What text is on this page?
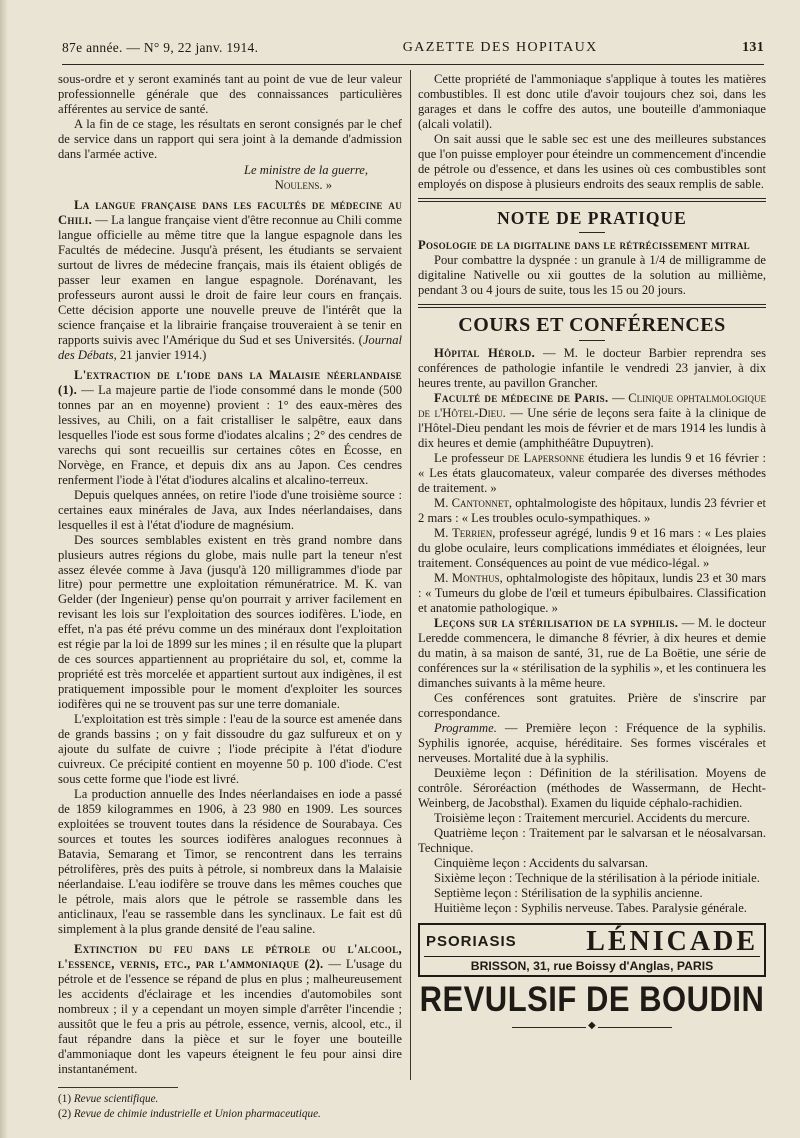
87e année. — N° 9, 22 janv. 1914.	GAZETTE DES HOPITAUX	131

sous-ordre et y seront examinés tant au point de vue de leur valeur professionnelle générale que des connaissances particulières afférentes au service de santé.

A la fin de ce stage, les résultats en seront consignés par le chef de service dans un rapport qui sera joint à la demande d'admission dans l'armée active.

Le ministre de la guerre,
Noulens. »

La langue française dans les facultés de médecine au Chili. — La langue française vient d'être reconnue au Chili comme langue officielle au même titre que la langue espagnole dans les Facultés de médecine. Jusqu'à présent, les étudiants se servaient surtout de livres de médecine français, mais ils étaient obligés de passer leur examen en langue espagnole. Dorénavant, les professeurs auront aussi le droit de faire leur cours en français. Cette décision apporte une nouvelle preuve de l'intérêt que la science française et la librairie française trouveraient à se tenir en rapports suivis avec l'Amérique du Sud et ses Universités. (Journal des Débats, 21 janvier 1914.)

L'extraction de l'iode dans la Malaisie néerlandaise (1). — La majeure partie de l'iode consommé dans le monde (500 tonnes par an en moyenne) provient : 1° des eaux-mères des lessives, au Chili, on a fait cristalliser le salpêtre, eaux dans lesquelles l'iode est sous forme d'iodates alcalins ; 2° des cendres de varechs qui sont recueillis sur certaines côtes en Écosse, en Norvège, en France, et depuis dix ans au Japon. Ces cendres renferment l'iode à l'état d'iodures alcalins et alcalino-terreux.

Depuis quelques années, on retire l'iode d'une troisième source : certaines eaux minérales de Java, aux Indes néerlandaises, dans lesquelles il est à l'état d'iodure de magnésium.

Des sources semblables existent en très grand nombre dans plusieurs autres régions du globe, mais nulle part la teneur n'est assez élevée comme à Java (jusqu'à 120 milligrammes d'iode par litre) pour permettre une exploitation rémunératrice. M. K. van Gelder (der Ingenieur) pense qu'on pourrait y arriver facilement en revisant les lois sur l'exploitation des sources iodifères. L'iode, en effet, n'a pas été prévu comme un des minéraux dont l'exploitation est régie par la loi de 1899 sur les mines ; il en résulte que la plupart de ces sources appartiennent au propriétaire du sol, et, comme la propriété est très morcelée et appartient surtout aux indigènes, il est pratiquement impossible pour le moment d'exploiter les sources iodifères qui ne se trouvent pas sur une terre domaniale.

L'exploitation est très simple : l'eau de la source est amenée dans de grands bassins ; on y fait dissoudre du gaz sulfureux et on y ajoute du sulfate de cuivre ; l'iode précipite à l'état d'iodure cuivreux. Ce précipité contient en moyenne 50 p. 100 d'iode. C'est sous cette forme que l'iode est livré.

La production annuelle des Indes néerlandaises en iode a passé de 1859 kilogrammes en 1906, à 23 980 en 1909. Les sources exploitées se trouvent toutes dans la résidence de Sourabaya. Ces sources et toutes les sources iodifères analogues reconnues à Batavia, Semarang et Timor, se rencontrent dans les terrains pétrolifères, près des puits à pétrole, si nombreux dans la Malaisie néerlandaise. L'eau iodifère se trouve dans les mêmes couches que le pétrole, mais alors que le pétrole se rassemble dans les anticlinaux, l'eau se rassemble dans les synclinaux. Le fait est dû simplement à la plus grande densité de l'eau saline.

Extinction du feu dans le pétrole ou l'alcool, l'essence, vernis, etc., par l'ammoniaque (2). — L'usage du pétrole et de l'essence se répand de plus en plus ; malheureusement les accidents d'éclairage et les incendies d'automobiles sont nombreux ; il y a cependant un moyen simple d'arrêter l'incendie ; aussitôt que le feu a pris au pétrole, essence, vernis, alcool, etc., il faut répandre dans la pièce et sur le foyer une bouteille d'ammoniaque dont les vapeurs éteignent le feu pour ainsi dire instantanément.

(1) Revue scientifique.
(2) Revue de chimie industrielle et Union pharmaceutique.

Cette propriété de l'ammoniaque s'applique à toutes les matières combustibles. Il est donc utile d'avoir toujours chez soi, dans les garages et dans le coffre des autos, une bouteille d'ammoniaque (alcali volatil).

On sait aussi que le sable sec est une des meilleures substances que l'on puisse employer pour éteindre un commencement d'incendie de pétrole ou d'essence, et dans les usines où ces combustibles sont employés on dispose à plusieurs endroits des seaux remplis de sable.

NOTE DE PRATIQUE

Posologie de la digitaline dans le rétrécissement mitral

Pour combattre la dyspnée : un granule à 1/4 de milligramme de digitaline Nativelle ou xii gouttes de la solution au millième, pendant 3 ou 4 jours de suite, tous les 15 ou 20 jours.

COURS ET CONFÉRENCES

Hôpital Hérold. — M. le docteur Barbier reprendra ses conférences de pathologie infantile le vendredi 23 janvier, à dix heures trente, au pavillon Grancher.

Faculté de médecine de Paris. — Clinique ophtalmologique de l'Hôtel-Dieu. — Une série de leçons sera faite à la clinique de l'Hôtel-Dieu pendant les mois de février et de mars 1914 les lundis à dix heures et demie (amphithéâtre Dupuytren).

Le professeur de Lapersonne étudiera les lundis 9 et 16 février : « Les états glaucomateux, valeur comparée des diverses méthodes de traitement. »

M. Cantonnet, ophtalmologiste des hôpitaux, lundis 23 février et 2 mars : « Les troubles oculo-sympathiques. »

M. Terrien, professeur agrégé, lundis 9 et 16 mars : « Les plaies du globe oculaire, leurs complications immédiates et éloignées, leur traitement. Conséquences au point de vue médico-légal. »

M. Monthus, ophtalmologiste des hôpitaux, lundis 23 et 30 mars : « Tumeurs du globe de l'œil et tumeurs épibulbaires. Classification et anatomie pathologique. »

Leçons sur la stérilisation de la syphilis. — M. le docteur Leredde commencera, le dimanche 8 février, à dix heures et demie du matin, à sa maison de santé, 31, rue de La Boëtie, une série de conférences sur la « stérilisation de la syphilis », et les continuera les dimanches suivants à la même heure.

Ces conférences sont gratuites. Prière de s'inscrire par correspondance.

Programme. — Première leçon : Fréquence de la syphilis. Syphilis ignorée, acquise, héréditaire. Ses formes viscérales et nerveuses. Mortalité due à la syphilis.

Deuxième leçon : Définition de la stérilisation. Moyens de contrôle. Séroréaction (méthodes de Wassermann, de Hecht-Weinberg, de Jacobsthal). Examen du liquide céphalo-rachidien.

Troisième leçon : Traitement mercuriel. Accidents du mercure.

Quatrième leçon : Traitement par le salvarsan et le néosalvarsan. Technique.

Cinquième leçon : Accidents du salvarsan.

Sixième leçon : Technique de la stérilisation à la période initiale.

Septième leçon : Stérilisation de la syphilis ancienne.

Huitième leçon : Syphilis nerveuse. Tabes. Paralysie générale.

PSORIASIS LÉNICADE
BRISSON, 31, rue Boissy d'Anglas, PARIS
REVULSIF DE BOUDIN
◆
